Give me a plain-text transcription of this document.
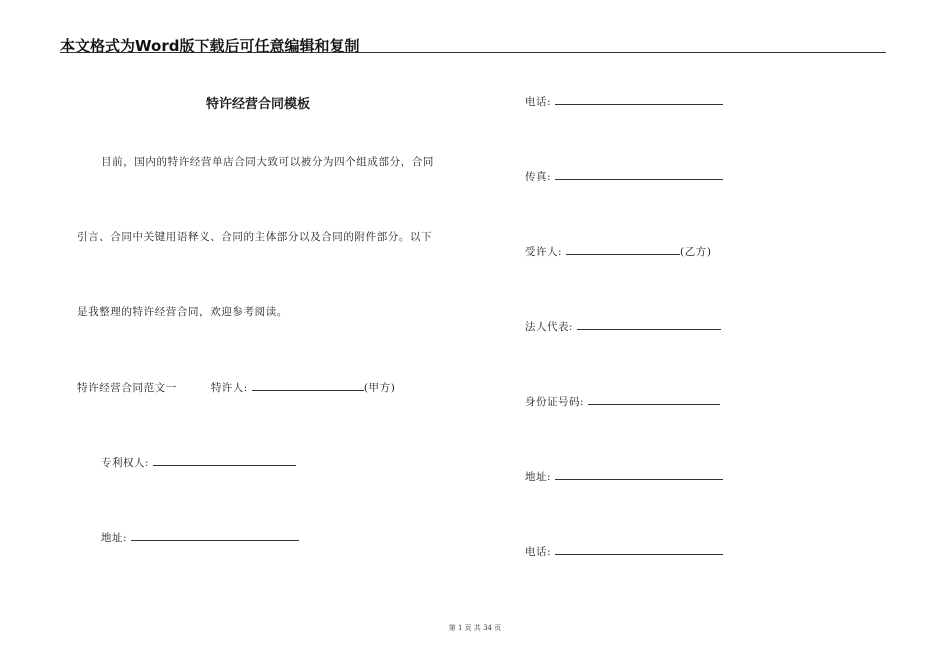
本文格式为Word版下载后可任意编辑和复制
特许经营合同模板
目前，国内的特许经营单店合同大致可以被分为四个组成部分，合同
引言、合同中关键用语释义、合同的主体部分以及合同的附件部分。以下
是我整理的特许经营合同，欢迎参考阅读。
特许经营合同范文一	特许人:	(甲方)
专利权人:
地址:
电话:
传真:
受许人:	(乙方)
法人代表:
身份证号码:
地址:
电话:
第 1 页 共 34 页
